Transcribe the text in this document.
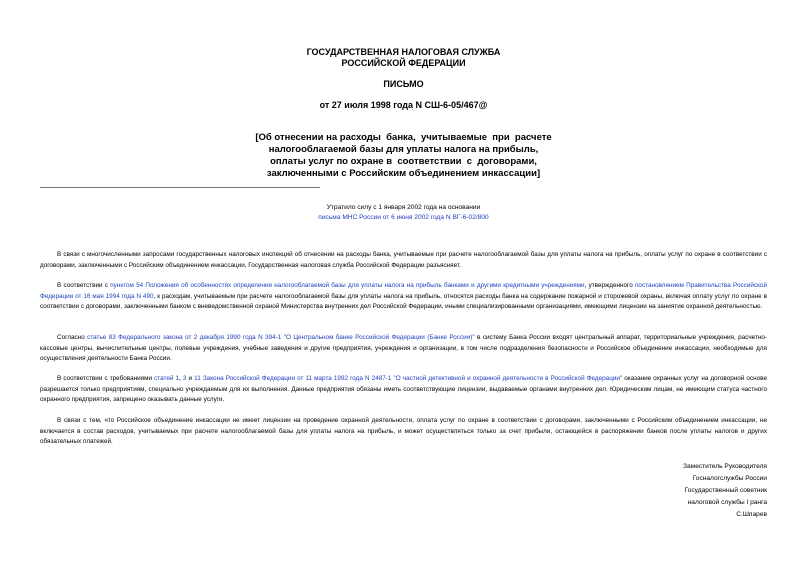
ГОСУДАРСТВЕННАЯ НАЛОГОВАЯ СЛУЖБА
РОССИЙСКОЙ ФЕДЕРАЦИИ
ПИСЬМО
от 27 июля 1998 года N СШ-6-05/467@
[Об отнесении на расходы  банка,  учитываемые  при  расчете
налогооблагаемой базы для уплаты налога на прибыль,
оплаты услуг по охране в  соответствии  с  договорами,
заключенными с Российским объединением инкассации]
Утратило силу с 1 января 2002 года на основании
письма МНС России от 6 июня 2002 года N ВГ-6-02/800
В связи с многочисленными запросами государственных налоговых инспекций об отнесении на расходы банка, учитываемые при расчете налогооблагаемой базы для уплаты налога на прибыль, оплаты услуг по охране в соответствии с договорами, заключенными с Российским объединением инкассации, Государственная налоговая служба Российской Федерации разъясняет.
В соответствии с пунктом 54 Положения об особенностях определения налогооблагаемой базы для уплаты налога на прибыль банками и другими кредитными учреждениями, утвержденного постановлением Правительства Российской Федерации от 16 мая 1994 года N 490, к расходам, учитываемым при расчете налогооблагаемой базы для уплаты налога на прибыль, относятся расходы банка на содержание пожарной и сторожевой охраны, включая оплату услуг по охране в соответствии с договорами, заключенными банком с вневедомственной охраной Министерства внутренних дел Российской Федерации, иными специализированными организациями, имеющими лицензии на заниятие охранной деятельностью.
Согласно статье 83 Федерального закона от 2 декабря 1990 года N 394-1 "О Центральном банке Российской Федерации (Банке России)" в систему Банка России входят центральный аппарат, территориальные учреждения, расчетно-кассовые центры, вычислительные центры, полевые учреждения, учебные заведения и другие предприятия, учреждения и организации, в том числе подразделения безопасности и Российское объединение инкассации, необходимые для осуществления деятельности Банка России.
В соответствии с требованиями статей 1, 3 и 11 Закона Российской Федерации от 11 марта 1992 года N 2487-1 "О частной детективной и охранной деятельности в Российской Федерации" оказание охранных услуг на договорной основе разрешается только предприятиям, специально учреждаемым для их выполнения. Данные предприятия обязаны иметь соответствующие лицензии, выдаваемые органами внутренних дел. Юридическим лицам, не имеющим статуса частного охранного предприятия, запрещено оказывать данные услуги.
В связи с тем, что Российское объединение инкассации не имеет лицензии на проведение охранной деятельности, оплата услуг по охране в соответствии с договорами, заключенными с Российским объединением инкассации, не включается в состав расходов, учитываемых при расчете налогооблагаемой базы для уплаты налога на прибыль, и может осуществляться только за счет прибыли, остающейся в распоряжении банков после уплаты налогов и других обязательных платежей.
Заместитель Руководителя
Госналогслужбы России
Государственный советник
налоговой службы I ранга
С.Шпарев
